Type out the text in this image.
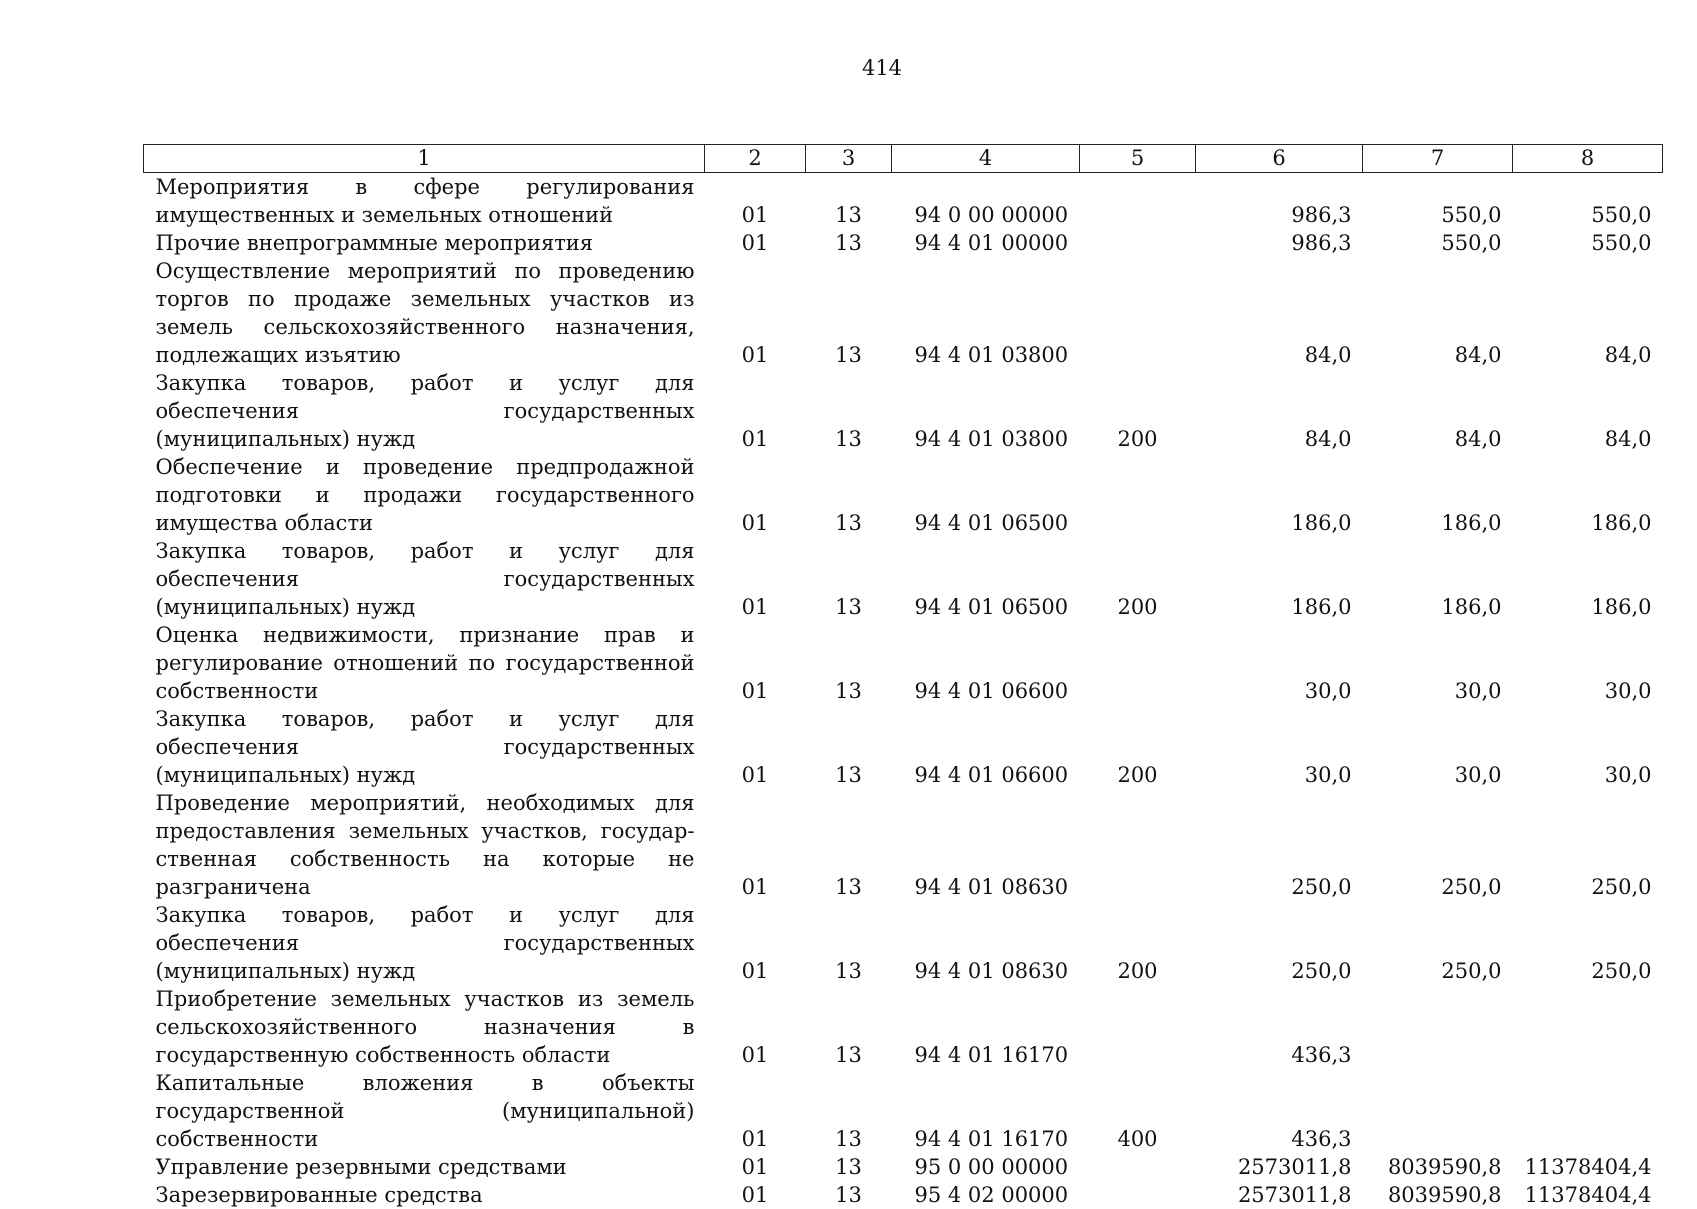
414
1	2	3	4	5	6	7	8
Мероприятия в сфере регулирования имущественных и земельных отношений	01	13	94 0 00 00000		986,3	550,0	550,0
Прочие внепрограммные мероприятия	01	13	94 4 01 00000		986,3	550,0	550,0
Осуществление мероприятий по проведению торгов по продаже земельных участков из земель сельскохозяйственного назначения, подлежащих изъятию	01	13	94 4 01 03800		84,0	84,0	84,0
Закупка товаров, работ и услуг для обеспечения государственных (муниципальных) нужд	01	13	94 4 01 03800	200	84,0	84,0	84,0
Обеспечение и проведение предпродажной подготовки и продажи государственного имущества области	01	13	94 4 01 06500		186,0	186,0	186,0
Закупка товаров, работ и услуг для обеспечения государственных (муниципальных) нужд	01	13	94 4 01 06500	200	186,0	186,0	186,0
Оценка недвижимости, признание прав и регулирование отношений по государственной собственности	01	13	94 4 01 06600		30,0	30,0	30,0
Закупка товаров, работ и услуг для обеспечения государственных (муниципальных) нужд	01	13	94 4 01 06600	200	30,0	30,0	30,0
Проведение мероприятий, необходимых для предоставления земельных участков, государственная собственность на которые не разграничена	01	13	94 4 01 08630		250,0	250,0	250,0
Закупка товаров, работ и услуг для обеспечения государственных (муниципальных) нужд	01	13	94 4 01 08630	200	250,0	250,0	250,0
Приобретение земельных участков из земель сельскохозяйственного назначения в государственную собственность области	01	13	94 4 01 16170		436,3		
Капитальные вложения в объекты государственной (муниципальной) собственности	01	13	94 4 01 16170	400	436,3		
Управление резервными средствами	01	13	95 0 00 00000		2573011,8	8039590,8	11378404,4
Зарезервированные средства	01	13	95 4 02 00000		2573011,8	8039590,8	11378404,4
